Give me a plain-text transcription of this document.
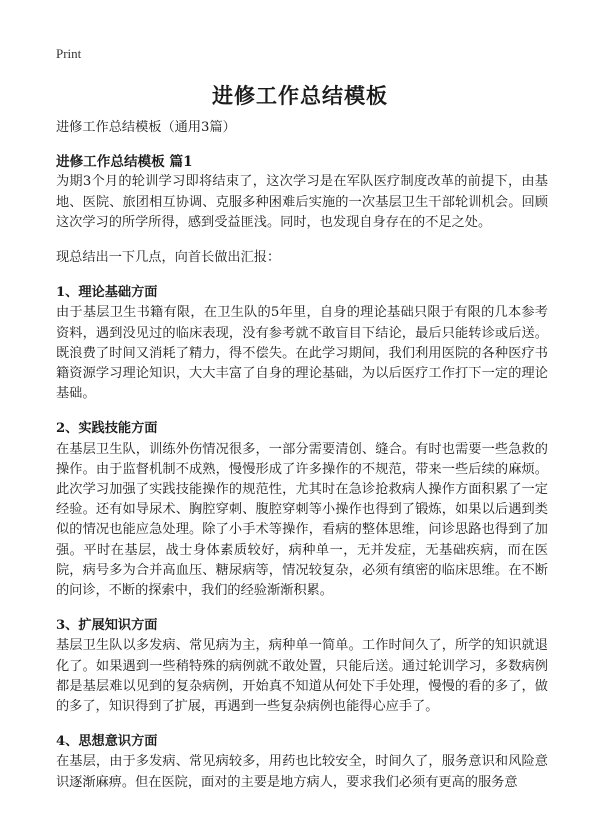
Print
进修工作总结模板

进修工作总结模板（通用3篇）

进修工作总结模板 篇1

为期3个月的轮训学习即将结束了，这次学习是在军队医疗制度改革的前提下，由基地、医院、旅团相互协调、克服多种困难后实施的一次基层卫生干部轮训机会。回顾这次学习的所学所得，感到受益匪浅。同时，也发现自身存在的不足之处。

现总结出一下几点，向首长做出汇报：

1、理论基础方面

由于基层卫生书籍有限，在卫生队的5年里，自身的理论基础只限于有限的几本参考资料，遇到没见过的临床表现，没有参考就不敢盲目下结论，最后只能转诊或后送。既浪费了时间又消耗了精力，得不偿失。在此学习期间，我们利用医院的各种医疗书籍资源学习理论知识，大大丰富了自身的理论基础，为以后医疗工作打下一定的理论基础。

2、实践技能方面

在基层卫生队，训练外伤情况很多，一部分需要清创、缝合。有时也需要一些急救的操作。由于监督机制不成熟，慢慢形成了许多操作的不规范，带来一些后续的麻烦。此次学习加强了实践技能操作的规范性，尤其时在急诊抢救病人操作方面积累了一定经验。还有如导尿术、胸腔穿刺、腹腔穿刺等小操作也得到了锻炼，如果以后遇到类似的情况也能应急处理。除了小手术等操作，看病的整体思维，问诊思路也得到了加强。平时在基层，战士身体素质较好，病种单一，无并发症，无基础疾病，而在医院，病号多为合并高血压、糖尿病等，情况较复杂，必须有缜密的临床思维。在不断的问诊，不断的探索中，我们的经验渐渐积累。

3、扩展知识方面

基层卫生队以多发病、常见病为主，病种单一简单。工作时间久了，所学的知识就退化了。如果遇到一些稍特殊的病例就不敢处置，只能后送。通过轮训学习，多数病例都是基层难以见到的复杂病例，开始真不知道从何处下手处理，慢慢的看的多了，做的多了，知识得到了扩展，再遇到一些复杂病例也能得心应手了。

4、思想意识方面

在基层，由于多发病、常见病较多，用药也比较安全，时间久了，服务意识和风险意识逐渐麻痹。但在医院，面对的主要是地方病人，要求我们必须有更高的服务意
